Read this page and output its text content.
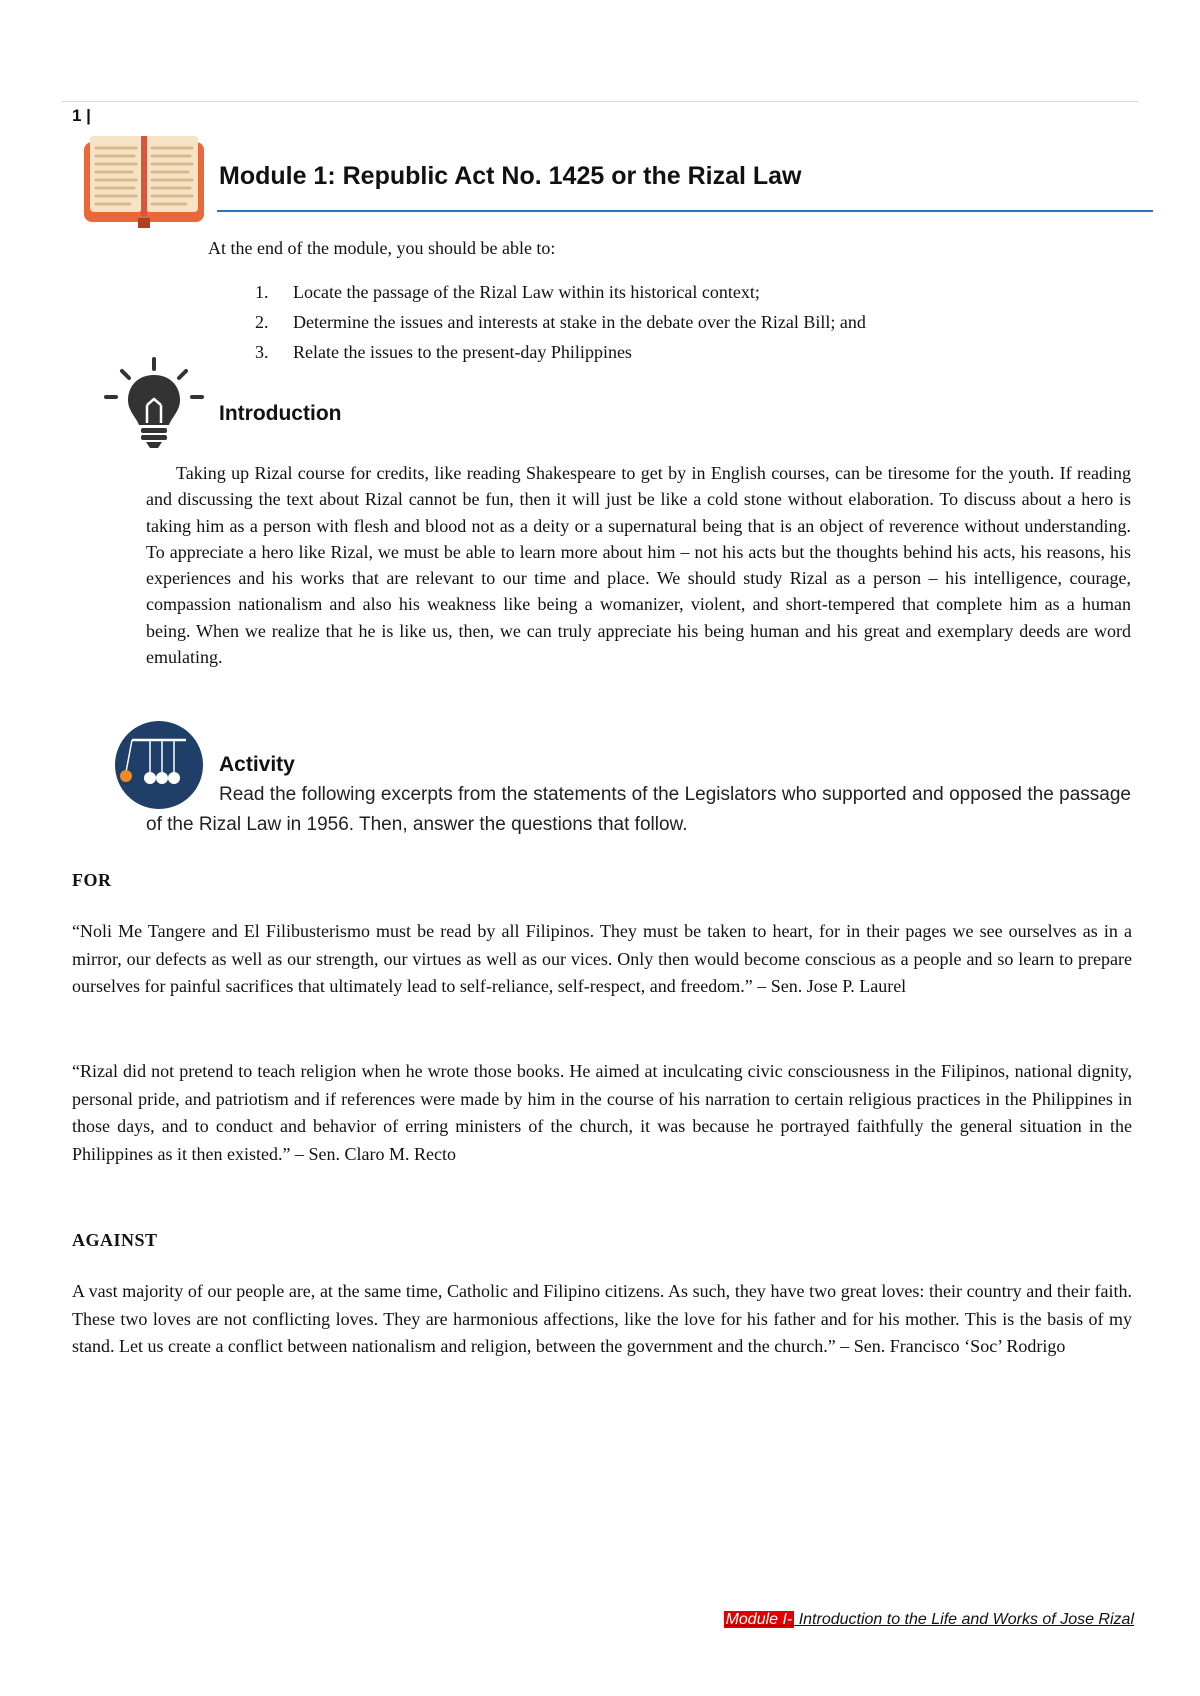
1 |
Module 1: Republic Act No. 1425 or the Rizal Law
At the end of the module, you should be able to:
1.	Locate the passage of the Rizal Law within its historical context;
2.	Determine the issues and interests at stake in the debate over the Rizal Bill; and
3.	Relate the issues to the present-day Philippines
Introduction

Taking up Rizal course for credits, like reading Shakespeare to get by in English courses, can be tiresome for the youth. If reading and discussing the text about Rizal cannot be fun, then it will just be like a cold stone without elaboration. To discuss about a hero is taking him as a person with flesh and blood not as a deity or a supernatural being that is an object of reverence without understanding. To appreciate a hero like Rizal, we must be able to learn more about him – not his acts but the thoughts behind his acts, his reasons, his experiences and his works that are relevant to our time and place. We should study Rizal as a person – his intelligence, courage, compassion nationalism and also his weakness like being a womanizer, violent, and short-tempered that complete him as a human being. When we realize that he is like us, then, we can truly appreciate his being human and his great and exemplary deeds are word emulating.

Activity

Read the following excerpts from the statements of the Legislators who supported and opposed the passage of the Rizal Law in 1956. Then, answer the questions that follow.

FOR

“Noli Me Tangere and El Filibusterismo must be read by all Filipinos. They must be taken to heart, for in their pages we see ourselves as in a mirror, our defects as well as our strength, our virtues as well as our vices. Only then would become conscious as a people and so learn to prepare ourselves for painful sacrifices that ultimately lead to self-reliance, self-respect, and freedom.” – Sen. Jose P. Laurel

“Rizal did not pretend to teach religion when he wrote those books. He aimed at inculcating civic consciousness in the Filipinos, national dignity, personal pride, and patriotism and if references were made by him in the course of his narration to certain religious practices in the Philippines in those days, and to conduct and behavior of erring ministers of the church, it was because he portrayed faithfully the general situation in the Philippines as it then existed.” – Sen. Claro M. Recto

AGAINST

A vast majority of our people are, at the same time, Catholic and Filipino citizens. As such, they have two great loves: their country and their faith. These two loves are not conflicting loves. They are harmonious affections, like the love for his father and for his mother. This is the basis of my stand. Let us create a conflict between nationalism and religion, between the government and the church.” – Sen. Francisco ‘Soc’ Rodrigo

Module I- Introduction to the Life and Works of Jose Rizal
